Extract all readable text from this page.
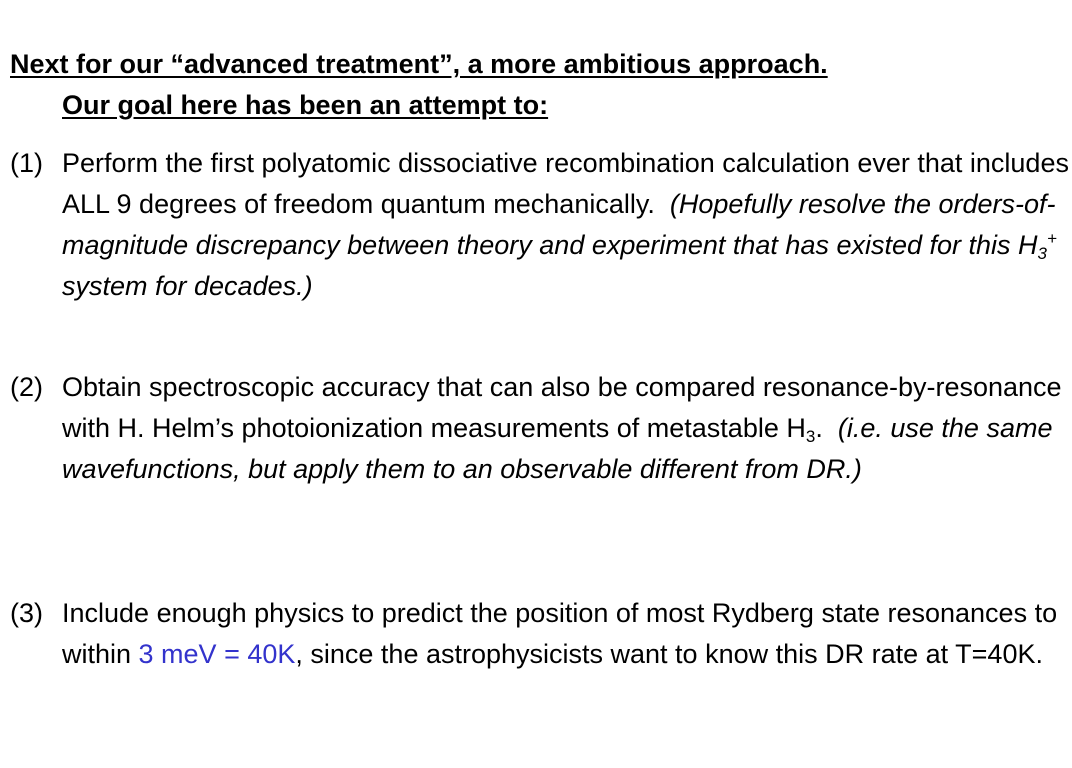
Next for our “advanced treatment”, a more ambitious approach.
Our goal here has been an attempt to:
(1) Perform the first polyatomic dissociative recombination calculation ever that includes ALL 9 degrees of freedom quantum mechanically. (Hopefully resolve the orders-of-magnitude discrepancy between theory and experiment that has existed for this $H_3^+$ system for decades.)
(2) Obtain spectroscopic accuracy that can also be compared resonance-by-resonance with H. Helm’s photoionization measurements of metastable $H_3$. (i.e. use the same wavefunctions, but apply them to an observable different from DR.)
(3) Include enough physics to predict the position of most Rydberg state resonances to within 3 meV = 40K, since the astrophysicists want to know this DR rate at T=40K.
